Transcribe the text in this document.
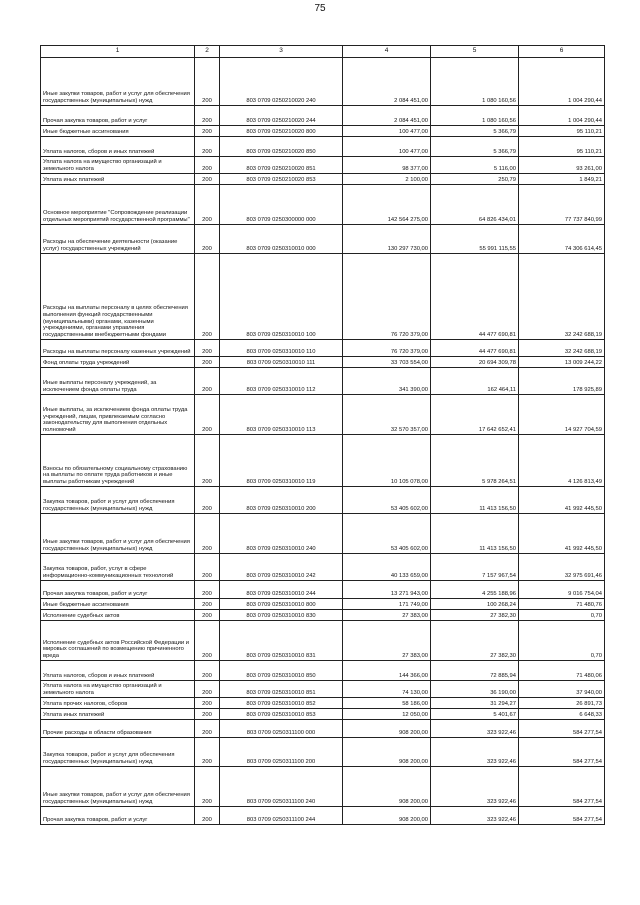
75
1	2	3	4	5	6
Иные закупки товаров, работ и услуг для обеспечения государственных (муниципальных) нужд	200	803 0709 0250210020 240	2 084 451,00	1 080 160,56	1 004 290,44
Прочая закупка товаров, работ и услуг	200	803 0709 0250210020 244	2 084 451,00	1 080 160,56	1 004 290,44
Иные бюджетные ассигнования	200	803 0709 0250210020 800	100 477,00	5 366,79	95 110,21
Уплата налогов, сборов и иных платежей	200	803 0709 0250210020 850	100 477,00	5 366,79	95 110,21
Уплата налога на имущество организаций и земельного налога	200	803 0709 0250210020 851	98 377,00	5 116,00	93 261,00
Уплата иных платежей	200	803 0709 0250210020 853	2 100,00	250,79	1 849,21
Основное мероприятие "Сопровождение реализации отдельных мероприятий государственной программы"	200	803 0709 0250300000 000	142 564 275,00	64 826 434,01	77 737 840,99
Расходы на обеспечение деятельности (оказание услуг) государственных учреждений	200	803 0709 0250310010 000	130 297 730,00	55 991 115,55	74 306 614,45
Расходы на выплаты персоналу в целях обеспечения выполнения функций государственными (муниципальными) органами, казенными учреждениями, органами управления государственными внебюджетными фондами	200	803 0709 0250310010 100	76 720 379,00	44 477 690,81	32 242 688,19
Расходы на выплаты персоналу казенных учреждений	200	803 0709 0250310010 110	76 720 379,00	44 477 690,81	32 242 688,19
Фонд оплаты труда учреждений	200	803 0709 0250310010 111	33 703 554,00	20 694 309,78	13 009 244,22
Иные выплаты персоналу учреждений, за исключением фонда оплаты труда	200	803 0709 0250310010 112	341 390,00	162 464,11	178 925,89
Иные выплаты, за исключением фонда оплаты труда учреждений, лицам, привлекаемым согласно законодательству для выполнения отдельных полномочий	200	803 0709 0250310010 113	32 570 357,00	17 642 652,41	14 927 704,59
Взносы по обязательному социальному страхованию на выплаты по оплате труда работников и иные выплаты работникам учреждений	200	803 0709 0250310010 119	10 105 078,00	5 978 264,51	4 126 813,49
Закупка товаров, работ и услуг для обеспечения государственных (муниципальных) нужд	200	803 0709 0250310010 200	53 405 602,00	11 413 156,50	41 992 445,50
Иные закупки товаров, работ и услуг для обеспечения государственных (муниципальных) нужд	200	803 0709 0250310010 240	53 405 602,00	11 413 156,50	41 992 445,50
Закупка товаров, работ, услуг в сфере информационно-коммуникационных технологий	200	803 0709 0250310010 242	40 133 659,00	7 157 967,54	32 975 691,46
Прочая закупка товаров, работ и услуг	200	803 0709 0250310010 244	13 271 943,00	4 255 188,96	9 016 754,04
Иные бюджетные ассигнования	200	803 0709 0250310010 800	171 749,00	100 268,24	71 480,76
Исполнение судебных актов	200	803 0709 0250310010 830	27 383,00	27 382,30	0,70
Исполнение судебных актов Российской Федерации и мировых соглашений по возмещению причиненного вреда	200	803 0709 0250310010 831	27 383,00	27 382,30	0,70
Уплата налогов, сборов и иных платежей	200	803 0709 0250310010 850	144 366,00	72 885,94	71 480,06
Уплата налога на имущество организаций и земельного налога	200	803 0709 0250310010 851	74 130,00	36 190,00	37 940,00
Уплата прочих налогов, сборов	200	803 0709 0250310010 852	58 186,00	31 294,27	26 891,73
Уплата иных платежей	200	803 0709 0250310010 853	12 050,00	5 401,67	6 648,33
Прочие расходы в области образования	200	803 0709 0250311100 000	908 200,00	323 922,46	584 277,54
Закупка товаров, работ и услуг для обеспечения государственных (муниципальных) нужд	200	803 0709 0250311100 200	908 200,00	323 922,46	584 277,54
Иные закупки товаров, работ и услуг для обеспечения государственных (муниципальных) нужд	200	803 0709 0250311100 240	908 200,00	323 922,46	584 277,54
Прочая закупка товаров, работ и услуг	200	803 0709 0250311100 244	908 200,00	323 922,46	584 277,54
